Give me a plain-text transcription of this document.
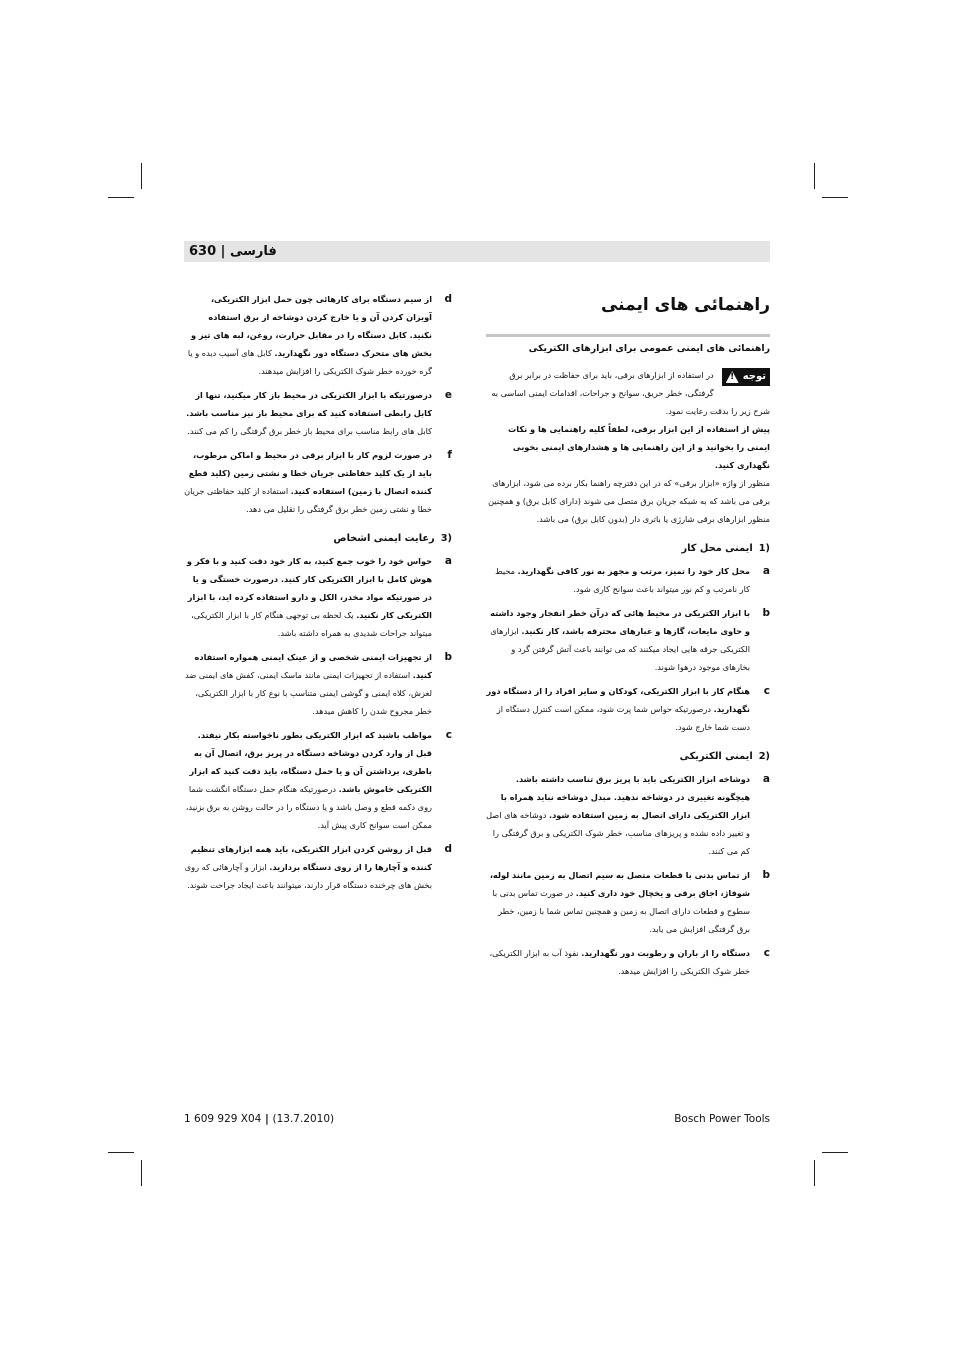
630 | فارسی
راهنمائی های ایمنی

راهنمائی های ایمنی عمومی برای ابزارهای الکتریکی

توجه
!

در استفاده از ابزارهای برقی، باید برای حفاظت در برابر برق گرفتگی، خطر حریق، سوانح و جراحات، اقدامات ایمنی اساسی به شرح زیر را بدقت رعایت نمود.

پیش از استفاده از این ابزار برقی، لطفاً کلیه راهنمایی ها و نکات ایمنی را بخوانید و از این راهنمایی ها و هشدارهای ایمنی بخوبی نگهداری کنید.

منظور از واژه «ابزار برقی» که در این دفترچه راهنما بکار برده می شود، ابزارهای برقی می باشد که به شبکه جریان برق متصل می شوند (دارای کابل برق) و همچنین منظور ابزارهای برقی شارژی یا باتری دار (بدون کابل برق) می باشد.

1)
ایمنی محل کار
a
محل کار خود را تمیز، مرتب و مجهز به نور کافی نگهدارید. محیط کار نامرتب و کم نور میتواند باعث سوانح کاری شود.
b
با ابزار الکتریکی در محیط هائی که درآن خطر انفجار وجود داشته و حاوی مایعات، گازها و غبارهای محترقه باشد، کار نکنید. ابزارهای الکتریکی جرقه هایی ایجاد میکنند که می توانند باعث آتش گرفتن گرد و بخارهای موجود درهوا شوند.
c
هنگام کار با ابزار الکتریکی، کودکان و سایر افراد را از دستگاه دور نگهدارید. درصورتیکه حواس شما پرت شود، ممکن است کنترل دستگاه از دست شما خارج شود.
2)
ایمنی الکتریکی
a
دوشاخه ابزار الکتریکی باید با پریز برق تناسب داشته باشد. هیچگونه تغییری در دوشاخه ندهید. مبدل دوشاخه نباید همراه با ابزار الکتریکی دارای اتصال به زمین استفاده شود. دوشاخه های اصل و تغییر داده نشده و پریزهای مناسب، خطر شوک الکتریکی و برق گرفتگی را کم می کنند.
b
از تماس بدنی با قطعات متصل به سیم اتصال به زمین مانند لوله، شوفاژ، اجاق برقی و یخچال خود داری کنید. در صورت تماس بدنی با سطوح و قطعات دارای اتصال به زمین و همچنین تماس شما با زمین، خطر برق گرفتگی افزایش می یابد.
c
دستگاه را از باران و رطوبت دور نگهدارید. نفوذ آب به ابزار الکتریکی، خطر شوک الکتریکی را افزایش میدهد.
d
از سیم دستگاه برای کارهائی چون حمل ابزار الکتریکی، آویزان کردن آن و یا خارج کردن دوشاخه از برق استفاده نکنید. کابل دستگاه را در مقابل حرارت، روغن، لبه های تیز و بخش های متحرک دستگاه دور نگهدارید. کابل های آسیب دیده و یا گره خورده خطر شوک الکتریکی را افزایش میدهند.
e
درصورتیکه با ابزار الکتریکی در محیط باز کار میکنید، تنها از کابل رابطی استفاده کنید که برای محیط باز نیز مناسب باشد. کابل های رابط مناسب برای محیط باز خطر برق گرفتگی را کم می کنند.
f
در صورت لزوم کار با ابزار برقی در محیط و اماکن مرطوب، باید از یک کلید حفاظتی جریان خطا و نشتی زمین (کلید قطع کننده اتصال با زمین) استفاده کنید. استفاده از کلید حفاظتی جریان خطا و نشتی زمین خطر برق گرفتگی را تقلیل می دهد.
3)
رعایت ایمنی اشخاص
a
حواس خود را خوب جمع کنید، به کار خود دقت کنید و با فکر و هوش کامل با ابزار الکتریکی کار کنید. درصورت خستگی و یا در صورتیکه مواد مخدر، الکل و دارو استفاده کرده اید، با ابزار الکتریکی کار نکنید. یک لحظه بی توجهی هنگام کار با ابزار الکتریکی، میتواند جراحات شدیدی به همراه داشته باشد.
b
از تجهیزات ایمنی شخصی و از عینک ایمنی همواره استفاده کنید. استفاده از تجهیزات ایمنی مانند ماسک ایمنی، کفش های ایمنی ضد لغزش، کلاه ایمنی و گوشی ایمنی متناسب با نوع کار با ابزار الکتریکی، خطر مجروح شدن را کاهش میدهد.
c
مواظب باشید که ابزار الکتریکی بطور ناخواسته بکار نیفتد. قبل از وارد کردن دوشاخه دستگاه در پریز برق، اتصال آن به باطری، برداشتن آن و یا حمل دستگاه، باید دقت کنید که ابزار الکتریکی خاموش باشد. درصورتیکه هنگام حمل دستگاه انگشت شما روی دکمه قطع و وصل باشد و یا دستگاه را در حالت روشن به برق بزنید، ممکن است سوانح کاری پیش آید.
d
قبل از روشن کردن ابزار الکتریکی، باید همه ابزارهای تنظیم کننده و آچارها را از روی دستگاه بردارید. ابزار و آچارهائی که روی بخش های چرخنده دستگاه قرار دارند، میتوانند باعث ایجاد جراحت شوند.
1 609 929 X04 | (13.7.2010)	Bosch Power Tools
